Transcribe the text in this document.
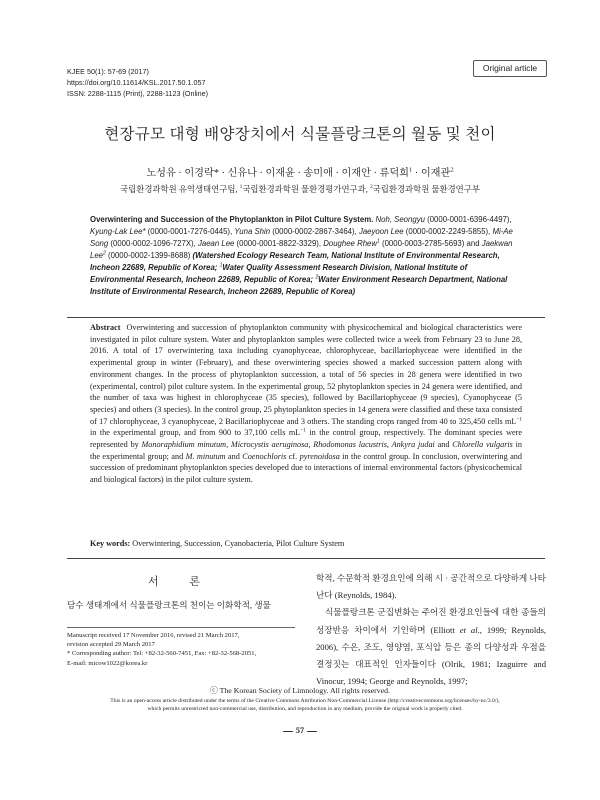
KJEE 50(1): 57-69 (2017)
https://doi.org/10.11614/KSL.2017.50.1.057
ISSN: 2288-1115 (Print), 2288-1123 (Online)
Original article
현장규모 대형 배양장치에서 식물플랑크톤의 월동 및 천이
노성유 · 이경락* · 신유나 · 이재윤 · 송미애 · 이재안 · 류덕희$^1$ · 이재관$^2$
국립환경과학원 유역생태연구팀, $^1$국립환경과학원 물환경평가연구과, $^2$국립환경과학원 물환경연구부
Overwintering and Succession of the Phytoplankton in Pilot Culture System. Noh, Seongyu (0000-0001-6396-4497), Kyung-Lak Lee* (0000-0001-7276-0445), Yuna Shin (0000-0002-2867-3464), Jaeyoon Lee (0000-0002-2249-5855), Mi-Ae Song (0000-0002-1096-727X), Jaean Lee (0000-0001-8822-3329), Doughee Rhew$^1$ (0000-0003-2785-5693) and Jaekwan Lee$^2$ (0000-0002-1399-8688) (Watershed Ecology Research Team, National Institute of Environmental Research, Incheon 22689, Republic of Korea; $^1$Water Quality Assessment Research Division, National Institute of Environmental Research, Incheon 22689, Republic of Korea; $^2$Water Environment Research Department, National Institute of Environmental Research, Incheon 22689, Republic of Korea)
Abstract Overwintering and succession of phytoplankton community with physicochemical and biological characteristics were investigated in pilot culture system. Water and phytoplankton samples were collected twice a week from February 23 to June 28, 2016. A total of 17 overwintering taxa including cyanophyceae, chlorophyceae, bacillariophyceae were identified in the experimental group in winter (February), and these overwintering species showed a marked succession pattern along with environment changes. In the process of phytoplankton succession, a total of 56 species in 28 genera were identified in two (experimental, control) pilot culture system. In the experimental group, 52 phytoplankton species in 24 genera were identified, and the number of taxa was highest in chlorophyceae (35 species), followed by Bacillariophyceae (9 species), Cyanophyceae (5 species) and others (3 species). In the control group, 25 phytoplankton species in 14 genera were classified and these taxa consisted of 17 chlorophyceae, 3 cyanophyceae, 2 Bacillariophyceae and 3 others. The standing crops ranged from 40 to 325,450 cells $mL^{-1}$ in the experimental group, and from 900 to 37,100 cells $mL^{-1}$ in the control group, respectively. The dominant species were represented by Monoraphidium minutum, Microcystis aeruginosa, Rhodomonas lacustris, Ankyra judai and Chlorella vulgaris in the experimental group; and M. minutum and Coenochloris cf. pyrenoidosa in the control group. In conclusion, overwintering and succession of predominant phytoplankton species developed due to interactions of internal environmental factors (physicochemical and biological factors) in the pilot culture system.
Key words: Overwintering, Succession, Cyanobacteria, Pilot Culture System
서 론
담수 생태계에서 식물플랑크톤의 천이는 이화학적, 생물
Manuscript received 17 November 2016, revised 21 March 2017,
revision accepted 29 March 2017
* Corresponding author: Tel: +82-32-560-7451, Fax: +82-32-568-2051,
E-mail: micow1022@korea.kr

학적, 수문학적 환경요인에 의해 시 · 공간적으로 다양하게 나타난다 (Reynolds, 1984).

식물플랑크톤 군집변화는 주어진 환경요인들에 대한 종들의 성장반응 차이에서 기인하며 (Elliott et al., 1999; Reynolds, 2006), 수온, 조도, 영양염, 포식압 등은 종의 다양성과 우점을 결정짓는 대표적인 인자들이다 (Olrik, 1981; Izaguirre and Vinocur, 1994; George and Reynolds, 1997;

ⓒ The Korean Society of Limnology. All rights reserved.
This is an open-access article distributed under the terms of the Creative Commons Attribution Non-Commercial License (http://creativecommons.org/licenses/by-nc/3.0/),
which permits unrestricted non-commercial use, distribution, and reproduction in any medium, provide the original work is properly cited.
57
